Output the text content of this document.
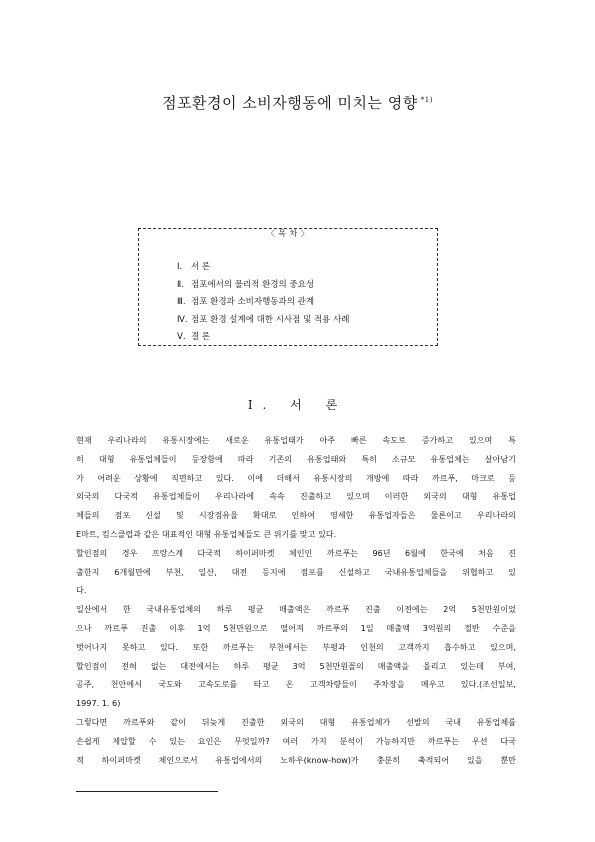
점포환경이 소비자행동에 미치는 영향 $^{*1)}$
〈 목 차 〉
Ⅰ. 서 론
Ⅱ. 점포에서의 물리적 환경의 중요성
Ⅲ. 점포 환경과 소비자행동과의 관계
Ⅳ. 점포 환경 설계에 대한 시사점 및 적용 사례
Ⅴ. 결 론
Ⅰ. 서 론
현재 우리나라의 유통시장에는 새로운 유통업태가 아주 빠른 속도로 증가하고 있으며 특
히 대형 유통업체들이 등장함에 따라 기존의 유통업태와 특히 소규모 유통업체는 살아남기
가 어려운 상황에 직면하고 있다. 이에 더해서 유통시장의 개방에 따라 까르푸, 마크로 등
외국의 다국적 유통업체들이 우리나라에 속속 진출하고 있으며 이러한 외국의 대형 유통업
체들의 점포 신설 및 시장점유율 확대로 인하여 영세한 유통업자들은 물론이고 우리나라의
E마트, 킴스클럽과 같은 대표적인 대형 유통업체들도 큰 위기를 맞고 있다.
할인점의 경우 프랑스계 다국적 하이퍼마켓 체인인 까르푸는 96년 6월에 한국에 처음 진
출한지 6개월만에 부천, 일산, 대전 등지에 점포를 신설하고 국내유통업체들을 위협하고 있
다.
일산에서 한 국내유통업체의 하루 평균 매출액은 까르푸 진출 이전에는 2억 5천만원이었
으나 까르푸 진출 이후 1억 5천만원으로 떨어져 까르푸의 1일 매출액 3억원의 절반 수준을
벗어나지 못하고 있다. 또한 까르푸는 부천에서는 부평과 인천의 고객까지 흡수하고 있으며,
할인점이 전혀 없는 대전에서는 하루 평균 3억 5천만원꼴의 매출액을 올리고 있는데 부여,
공주, 천안에서 국도와 고속도로를 타고 온 고객차량들이 주차장을 메우고 있다.(조선일보,
1997. 1. 6)
그렇다면 까르푸와 같이 뒤늦게 진출한 외국의 대형 유통업체가 선발의 국내 유통업체를
손쉽게 제압할 수 있는 요인은 무엇일까? 여러 가지 분석이 가능하지만 까르푸는 우선 다국
적 하이퍼마켓 체인으로서 유통업에서의 노하우(know-how)가 충분히 축적되어 있을 뿐만
